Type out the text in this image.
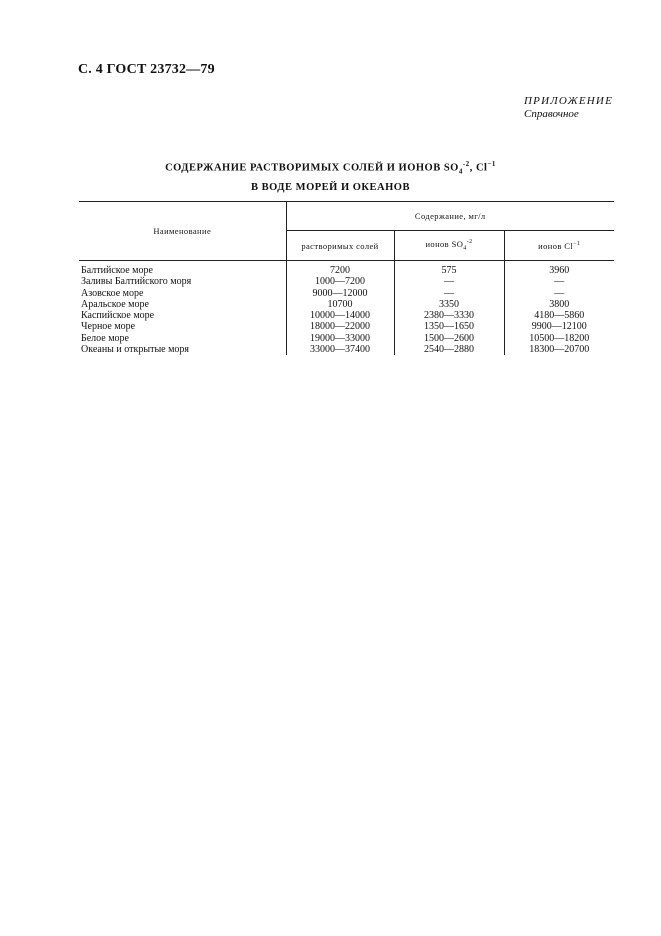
С. 4 ГОСТ 23732—79
ПРИЛОЖЕНИЕ
Справочное
СОДЕРЖАНИЕ РАСТВОРИМЫХ СОЛЕЙ И ИОНОВ $SO_4^{-2}$, $Cl^{-1}$
В ВОДЕ МОРЕЙ И ОКЕАНОВ
Наименование	Содержание, мг/л		
	растворимых солей	ионов $SO_4^{-2}$	ионов $Cl^{-1}$
Балтийское море	7200	575	3960
Заливы Балтийского моря	1000—7200	—	—
Азовское море	9000—12000	—	—
Аральское море	10700	3350	3800
Каспийское море	10000—14000	2380—3330	4180—5860
Черное море	18000—22000	1350—1650	9900—12100
Белое море	19000—33000	1500—2600	10500—18200
Океаны и открытые моря	33000—37400	2540—2880	18300—20700
